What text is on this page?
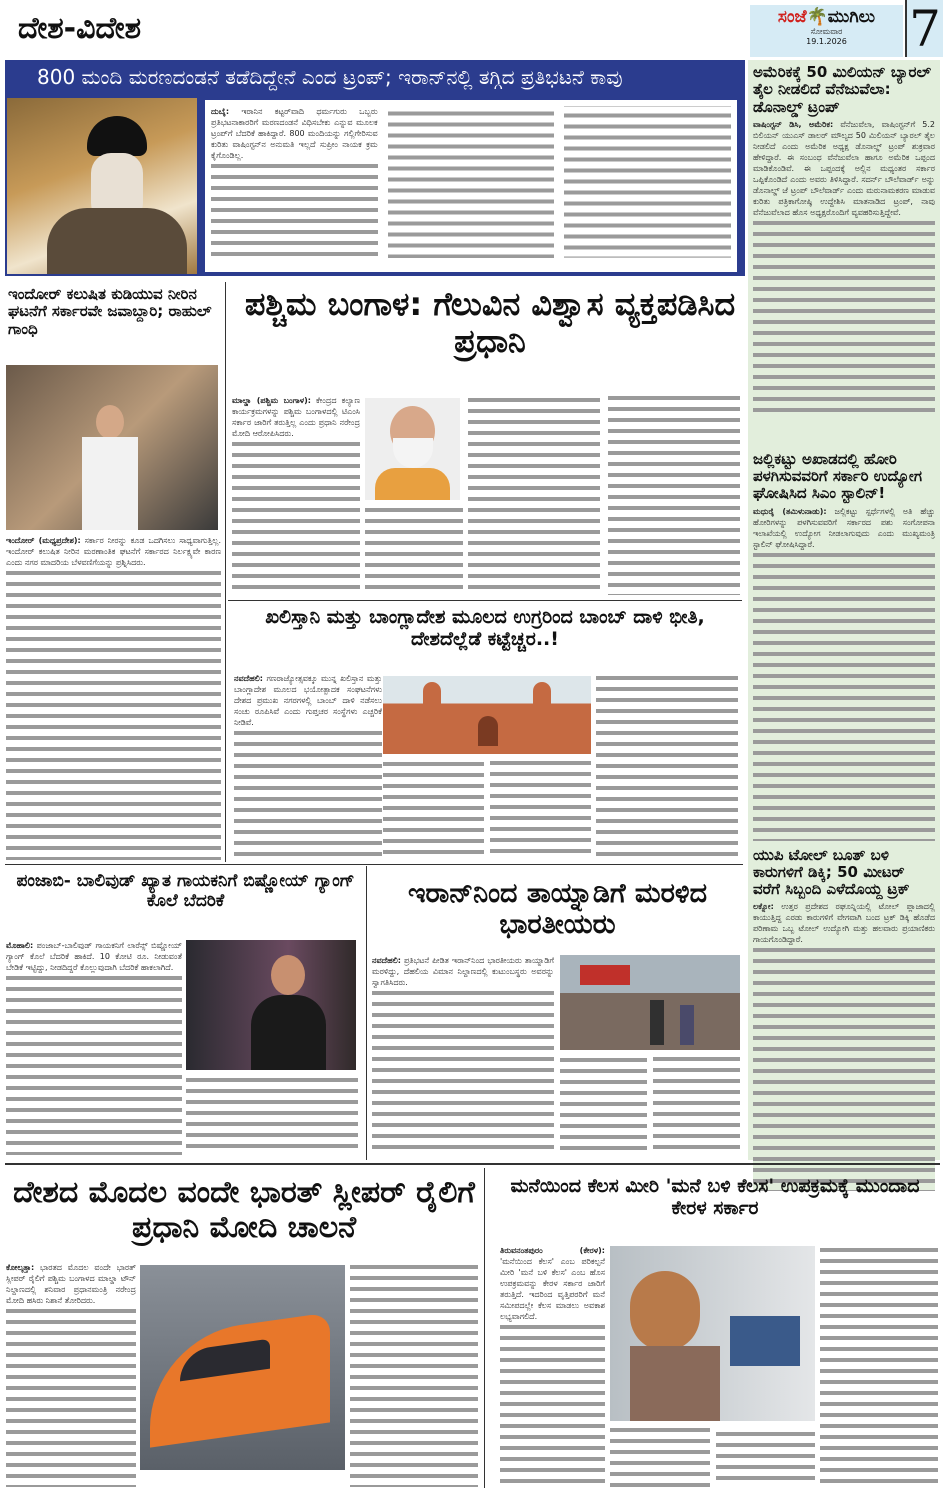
ದೇಶ-ವಿದೇಶ	ಸಂಜೆ🌴ಮುಗಿಲು
ಸೋಮವಾರ
19.1.2026	7
800 ಮಂದಿ ಮರಣದಂಡನೆ ತಡೆದಿದ್ದೇನೆ ಎಂದ ಟ್ರಂಪ್; ಇರಾನ್‌ನಲ್ಲಿ ತಗ್ಗಿದ ಪ್ರತಿಭಟನೆ ಕಾವು
ದುಬೈ: ಇರಾನಿನ ಕಟ್ಟರ್‌ವಾದಿ ಧರ್ಮಗುರು ಒಬ್ಬರು ಪ್ರತಿಭಟನಾಕಾರರಿಗೆ ಮರಣದಂಡನೆ ವಿಧಿಸಬೇಕು ಎನ್ನುವ ಮೂಲಕ ಟ್ರಂಪ್‌ಗೆ ಬೆದರಿಕೆ ಹಾಕಿದ್ದಾರೆ. 800 ಮಂದಿಯನ್ನು ಗಲ್ಲಿಗೇರಿಸುವ ಕುರಿತು ವಾಷಿಂಗ್ಟನ್‌ನ ಅನುಮತಿ ಇಲ್ಲದೆ ಸುಪ್ರೀಂ ನಾಯಕ ಕ್ರಮ ಕೈಗೊಂಡಿಲ್ಲ.
ಅಮೆರಿಕಕ್ಕೆ 50 ಮಿಲಿಯನ್ ಬ್ಯಾರಲ್ ತೈಲ ನೀಡಲಿದೆ ವೆನೆಜುವೆಲಾ: ಡೊನಾಲ್ಡ್ ಟ್ರಂಪ್
ವಾಷಿಂಗ್ಟನ್ ಡಿಸಿ, ಅಮೆರಿಕ: ವೆನೆಜುವೆಲಾ, ವಾಷಿಂಗ್ಟನ್‌ಗೆ 5.2 ಬಿಲಿಯನ್ ಯುಎಸ್ ಡಾಲರ್ ಮೌಲ್ಯದ 50 ಮಿಲಿಯನ್ ಬ್ಯಾರಲ್ ತೈಲ ನೀಡಲಿದೆ ಎಂದು ಅಮೆರಿಕ ಅಧ್ಯಕ್ಷ ಡೊನಾಲ್ಡ್ ಟ್ರಂಪ್ ಶುಕ್ರವಾರ ಹೇಳಿದ್ದಾರೆ. ಈ ಸಂಬಂಧ ವೆನೆಜುವೆಲಾ ಹಾಗೂ ಅಮೆರಿಕ ಒಪ್ಪಂದ ಮಾಡಿಕೊಂಡಿವೆ. ಈ ಒಪ್ಪಂದಕ್ಕೆ ಅಲ್ಲಿನ ಮಧ್ಯಂತರ ಸರ್ಕಾರ ಒಪ್ಪಿಕೊಂಡಿದೆ ಎಂದು ಅವರು ತಿಳಿಸಿದ್ದಾರೆ. ಸದರ್ನ್ ಬೌಲೆವಾರ್ಡ್ ಅನ್ನು ಡೊನಾಲ್ಡ್ ಜೆ ಟ್ರಂಪ್ ಬೌಲೆವಾರ್ಡ್ ಎಂದು ಮರುನಾಮಕರಣ ಮಾಡುವ ಕುರಿತು ಪತ್ರಿಕಾಗೋಷ್ಠಿ ಉದ್ದೇಶಿಸಿ ಮಾತನಾಡಿದ ಟ್ರಂಪ್, ನಾವು ವೆನೆಜುವೆಲಾದ ಹೊಸ ಅಧ್ಯಕ್ಷರೊಂದಿಗೆ ವ್ಯವಹರಿಸುತ್ತಿದ್ದೇವೆ.
ಜಲ್ಲಿಕಟ್ಟು ಅಖಾಡದಲ್ಲಿ ಹೋರಿ ಪಳಗಿಸುವವರಿಗೆ ಸರ್ಕಾರಿ ಉದ್ಯೋಗ ಘೋಷಿಸಿದ ಸಿಎಂ ಸ್ಟಾಲಿನ್!
ಮಧುರೈ (ತಮಿಳುನಾಡು): ಜಲ್ಲಿಕಟ್ಟು ಸ್ಪರ್ಧೆಗಳಲ್ಲಿ ಅತಿ ಹೆಚ್ಚು ಹೋರಿಗಳನ್ನು ಪಳಗಿಸುವವರಿಗೆ ಸರ್ಕಾರದ ಪಶು ಸಂಗೋಪನಾ ಇಲಾಖೆಯಲ್ಲಿ ಉದ್ಯೋಗ ನೀಡಲಾಗುವುದು ಎಂದು ಮುಖ್ಯಮಂತ್ರಿ ಸ್ಟಾಲಿನ್ ಘೋಷಿಸಿದ್ದಾರೆ.
ಯುಪಿ ಟೋಲ್ ಬೂತ್ ಬಳಿ ಕಾರುಗಳಿಗೆ ಡಿಕ್ಕಿ; 50 ಮೀಟರ್ ವರೆಗೆ ಸಿಬ್ಬಂದಿ ಎಳೆದೊಯ್ದ ಟ್ರಕ್
ಲಕ್ನೋ: ಉತ್ತರ ಪ್ರದೇಶದ ರಘೂನ್ನಿಯಲ್ಲಿ ಟೋಲ್ ಪ್ಲಾಜಾದಲ್ಲಿ ಕಾಯುತ್ತಿದ್ದ ಎರಡು ಕಾರುಗಳಿಗೆ ವೇಗವಾಗಿ ಬಂದ ಟ್ರಕ್ ಡಿಕ್ಕಿ ಹೊಡೆದ ಪರಿಣಾಮ ಒಬ್ಬ ಟೋಲ್ ಉದ್ಯೋಗಿ ಮತ್ತು ಹಲವಾರು ಪ್ರಯಾಣಿಕರು ಗಾಯಗೊಂಡಿದ್ದಾರೆ.
ಇಂದೋರ್ ಕಲುಷಿತ ಕುಡಿಯುವ ನೀರಿನ ಘಟನೆಗೆ ಸರ್ಕಾರವೇ ಜವಾಬ್ದಾರಿ; ರಾಹುಲ್ ಗಾಂಧಿ
ಇಂದೋರ್ (ಮಧ್ಯಪ್ರದೇಶ): ಸರ್ಕಾರ ನೀರನ್ನು ಕೂಡ ಒದಗಿಸಲು ಸಾಧ್ಯವಾಗುತ್ತಿಲ್ಲ. ಇಂದೋರ್ ಕಲುಷಿತ ನೀರಿನ ಮರಣಾಂತಿಕ ಘಟನೆಗೆ ಸರ್ಕಾರದ ನಿರ್ಲಕ್ಷ್ಯವೇ ಕಾರಣ ಎಂದು ನಗರ ಮಾದರಿಯ ಬೆಳವಣಿಗೆಯನ್ನು ಪ್ರಶ್ನಿಸಿದರು.
ಪಶ್ಚಿಮ ಬಂಗಾಳ: ಗೆಲುವಿನ ವಿಶ್ವಾಸ ವ್ಯಕ್ತಪಡಿಸಿದ ಪ್ರಧಾನಿ
ಮಾಲ್ಡಾ (ಪಶ್ಚಿಮ ಬಂಗಾಳ): ಕೇಂದ್ರದ ಕಲ್ಯಾಣ ಕಾರ್ಯಕ್ರಮಗಳನ್ನು ಪಶ್ಚಿಮ ಬಂಗಾಳದಲ್ಲಿ ಟಿಎಂಸಿ ಸರ್ಕಾರ ಜಾರಿಗೆ ತರುತ್ತಿಲ್ಲ ಎಂದು ಪ್ರಧಾನಿ ನರೇಂದ್ರ ಮೋದಿ ಆರೋಪಿಸಿದರು.
ಖಲಿಸ್ತಾನಿ ಮತ್ತು ಬಾಂಗ್ಲಾದೇಶ ಮೂಲದ ಉಗ್ರರಿಂದ ಬಾಂಬ್ ದಾಳಿ ಭೀತಿ, ದೇಶದೆಲ್ಲೆಡೆ ಕಟ್ಟೆಚ್ಚರ..!
ನವದೆಹಲಿ: ಗಣರಾಜ್ಯೋತ್ಸವಕ್ಕೂ ಮುನ್ನ ಖಲಿಸ್ತಾನ ಮತ್ತು ಬಾಂಗ್ಲಾದೇಶ ಮೂಲದ ಭಯೋತ್ಪಾದಕ ಸಂಘಟನೆಗಳು ದೇಶದ ಪ್ರಮುಖ ನಗರಗಳಲ್ಲಿ ಬಾಂಬ್ ದಾಳಿ ನಡೆಸಲು ಸಂಚು ರೂಪಿಸಿವೆ ಎಂದು ಗುಪ್ತಚರ ಸಂಸ್ಥೆಗಳು ಎಚ್ಚರಿಕೆ ನೀಡಿವೆ.
ಪಂಜಾಬಿ- ಬಾಲಿವುಡ್ ಖ್ಯಾತ ಗಾಯಕನಿಗೆ ಬಿಷ್ಣೋಯ್ ಗ್ಯಾಂಗ್ ಕೊಲೆ ಬೆದರಿಕೆ
ಮೊಹಾಲಿ: ಪಂಜಾಬ್-ಬಾಲಿವುಡ್ ಗಾಯಕನಿಗೆ ಲಾರೆನ್ಸ್ ಬಿಷ್ಣೋಯ್ ಗ್ಯಾಂಗ್ ಕೊಲೆ ಬೆದರಿಕೆ ಹಾಕಿದೆ. 10 ಕೋಟಿ ರೂ. ನೀಡುವಂತೆ ಬೇಡಿಕೆ ಇಟ್ಟಿದ್ದು, ನೀಡದಿದ್ದರೆ ಕೊಲ್ಲುವುದಾಗಿ ಬೆದರಿಕೆ ಹಾಕಲಾಗಿದೆ.
ಇರಾನ್‌ನಿಂದ ತಾಯ್ನಾಡಿಗೆ ಮರಳಿದ ಭಾರತೀಯರು
ನವದೆಹಲಿ: ಪ್ರತಿಭಟನೆ ಪೀಡಿತ ಇರಾನ್‌ನಿಂದ ಭಾರತೀಯರು ತಾಯ್ನಾಡಿಗೆ ಮರಳಿದ್ದು, ದೆಹಲಿಯ ವಿಮಾನ ನಿಲ್ದಾಣದಲ್ಲಿ ಕುಟುಂಬಸ್ಥರು ಅವರನ್ನು ಸ್ವಾಗತಿಸಿದರು.
ದೇಶದ ಮೊದಲ ವಂದೇ ಭಾರತ್ ಸ್ಲೀಪರ್ ರೈಲಿಗೆ ಪ್ರಧಾನಿ ಮೋದಿ ಚಾಲನೆ
ಕೋಲ್ಕತ್ತಾ: ಭಾರತದ ಮೊದಲ ವಂದೇ ಭಾರತ್ ಸ್ಲೀಪರ್ ರೈಲಿಗೆ ಪಶ್ಚಿಮ ಬಂಗಾಳದ ಮಾಲ್ಡಾ ಟೌನ್ ನಿಲ್ದಾಣದಲ್ಲಿ ಶನಿವಾರ ಪ್ರಧಾನಮಂತ್ರಿ ನರೇಂದ್ರ ಮೋದಿ ಹಸಿರು ನಿಶಾನೆ ತೋರಿದರು.
ಮನೆಯಿಂದ ಕೆಲಸ ಮೀರಿ 'ಮನೆ ಬಳಿ ಕೆಲಸ' ಉಪಕ್ರಮಕ್ಕೆ ಮುಂದಾದ ಕೇರಳ ಸರ್ಕಾರ
ತಿರುವನಂತಪುರಂ (ಕೇರಳ): 'ಮನೆಯಿಂದ ಕೆಲಸ' ಎಂಬ ಪರಿಕಲ್ಪನೆ ಮೀರಿ 'ಮನೆ ಬಳಿ ಕೆಲಸ' ಎಂಬ ಹೊಸ ಉಪಕ್ರಮವನ್ನು ಕೇರಳ ಸರ್ಕಾರ ಜಾರಿಗೆ ತರುತ್ತಿದೆ. ಇದರಿಂದ ವೃತ್ತಿಪರರಿಗೆ ಮನೆ ಸಮೀಪದಲ್ಲೇ ಕೆಲಸ ಮಾಡಲು ಅವಕಾಶ ಲಭ್ಯವಾಗಲಿದೆ.
